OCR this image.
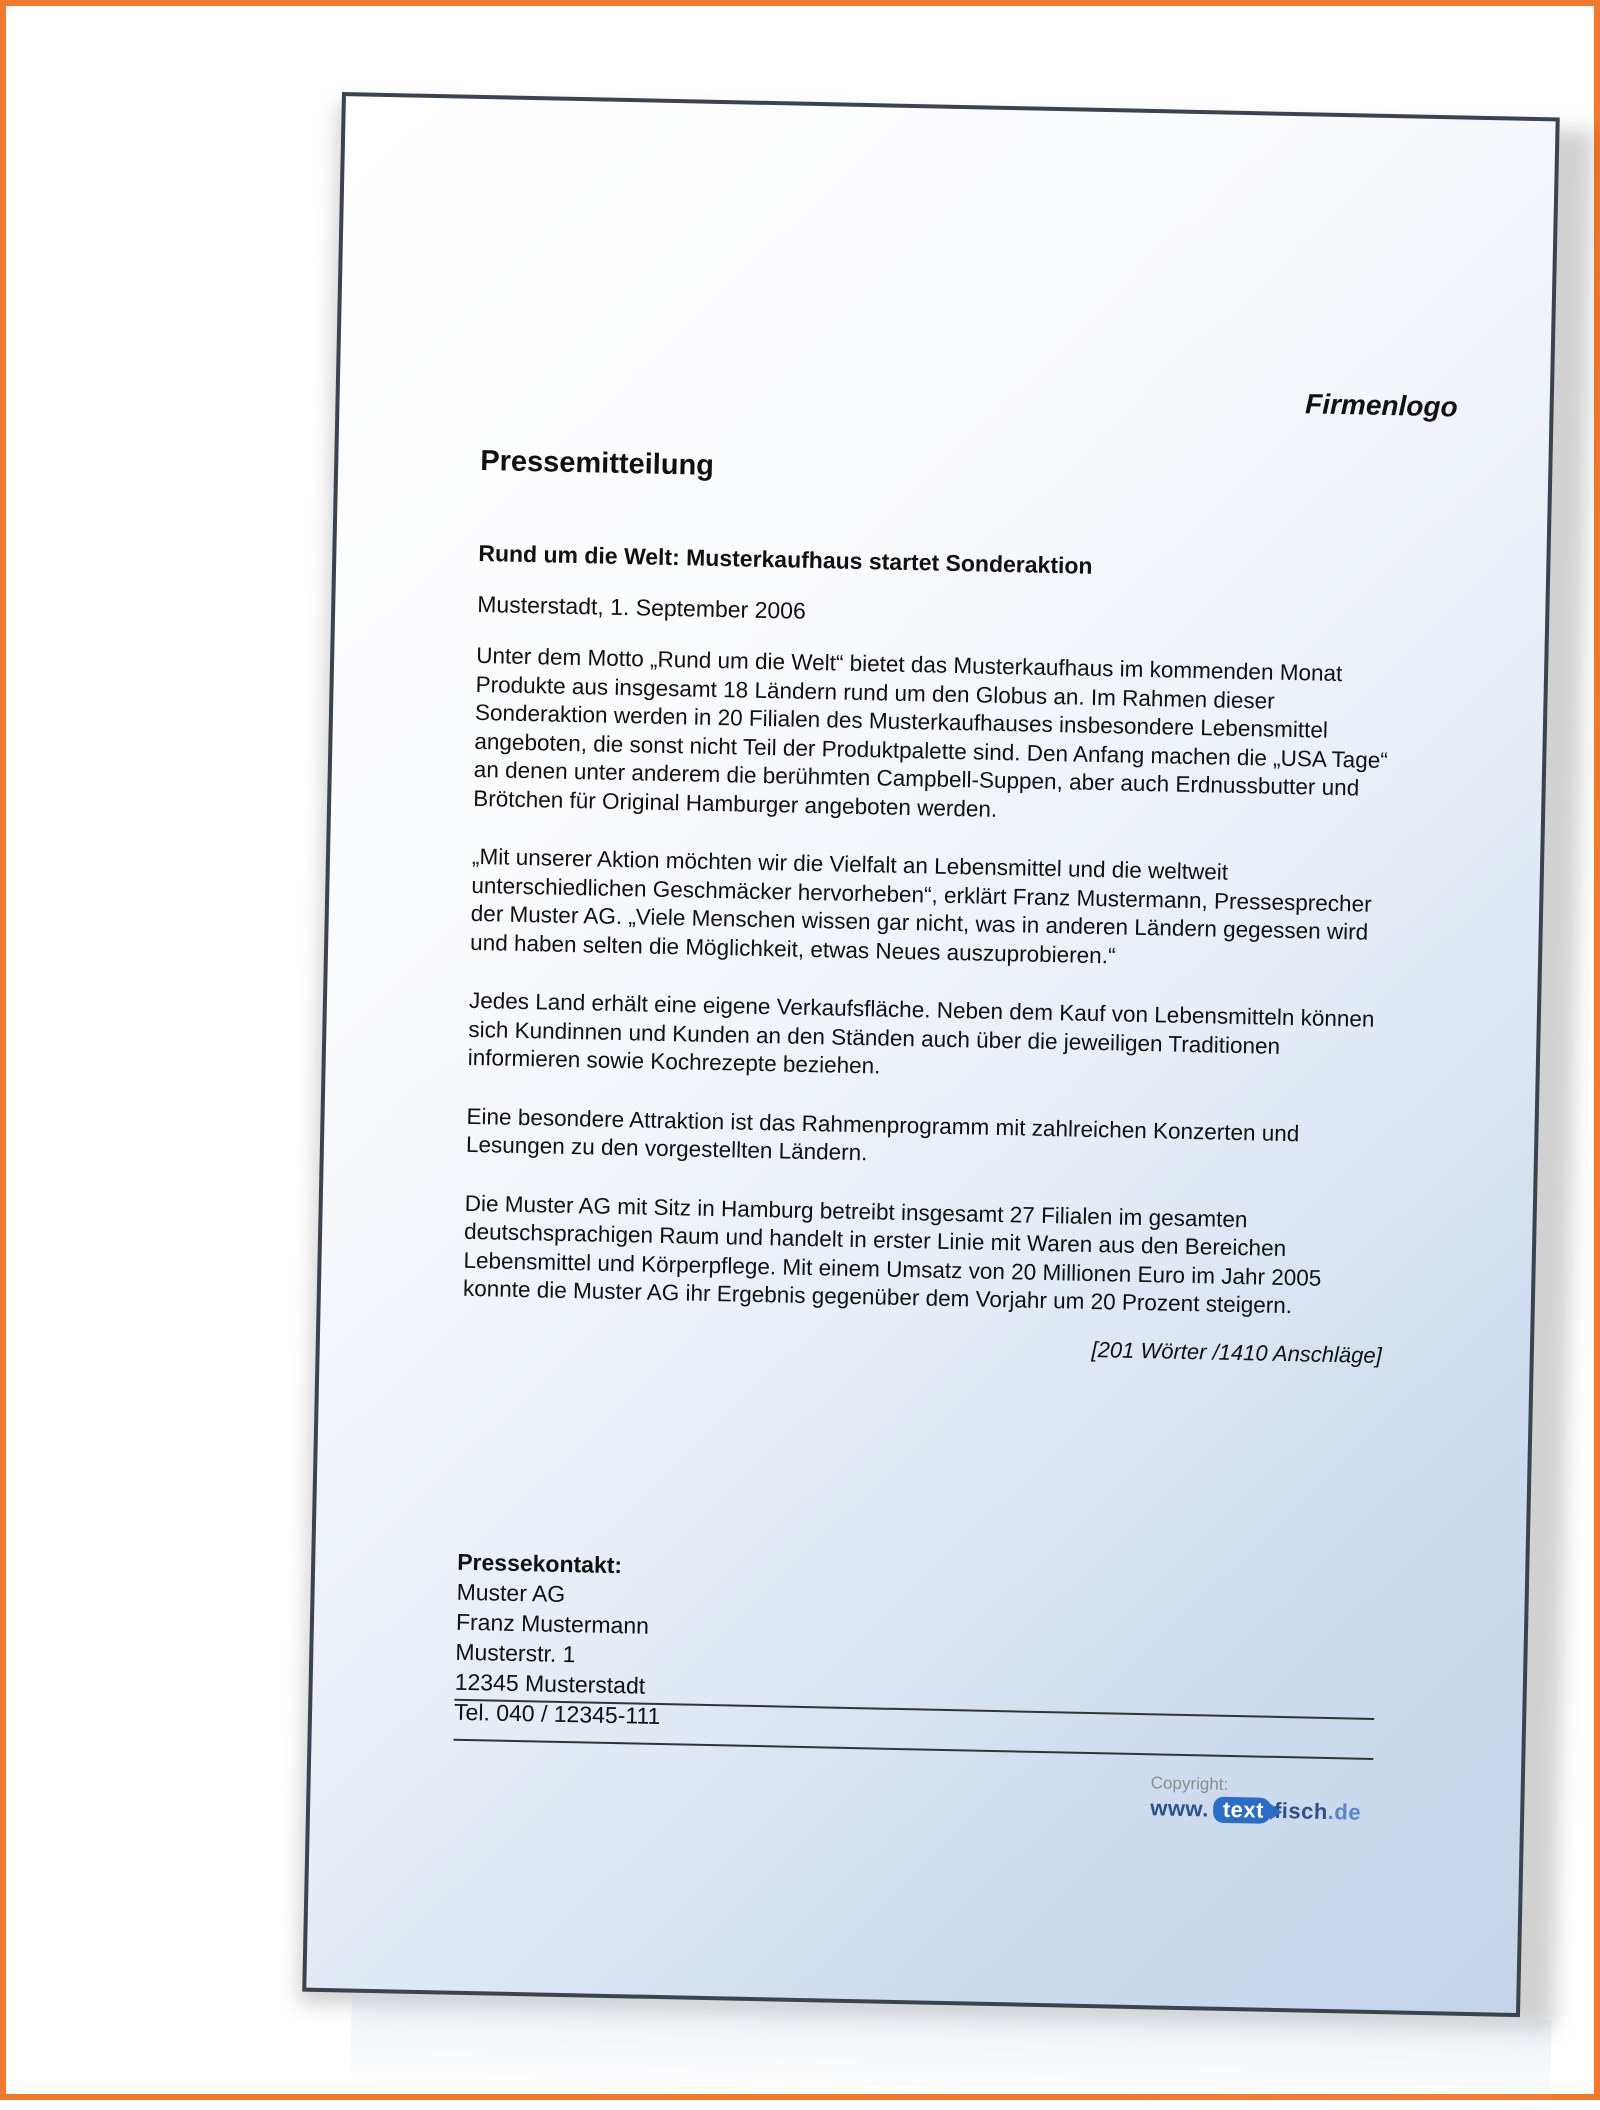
Firmenlogo
Pressemitteilung
Rund um die Welt: Musterkaufhaus startet Sonderaktion
Musterstadt, 1. September 2006

Unter dem Motto „Rund um die Welt“ bietet das Musterkaufhaus im kommenden Monat Produkte aus insgesamt 18 Ländern rund um den Globus an. Im Rahmen dieser Sonderaktion werden in 20 Filialen des Musterkaufhauses insbesondere Lebensmittel angeboten, die sonst nicht Teil der Produktpalette sind. Den Anfang machen die „USA Tage“ an denen unter anderem die berühmten Campbell-Suppen, aber auch Erdnussbutter und Brötchen für Original Hamburger angeboten werden.

„Mit unserer Aktion möchten wir die Vielfalt an Lebensmittel und die weltweit unterschiedlichen Geschmäcker hervorheben“, erklärt Franz Mustermann, Pressesprecher der Muster AG. „Viele Menschen wissen gar nicht, was in anderen Ländern gegessen wird und haben selten die Möglichkeit, etwas Neues auszuprobieren.“

Jedes Land erhält eine eigene Verkaufsfläche. Neben dem Kauf von Lebensmitteln können sich Kundinnen und Kunden an den Ständen auch über die jeweiligen Traditionen informieren sowie Kochrezepte beziehen.

Eine besondere Attraktion ist das Rahmenprogramm mit zahlreichen Konzerten und Lesungen zu den vorgestellten Ländern.

Die Muster AG mit Sitz in Hamburg betreibt insgesamt 27 Filialen im gesamten deutschsprachigen Raum und handelt in erster Linie mit Waren aus den Bereichen Lebensmittel und Körperpflege. Mit einem Umsatz von 20 Millionen Euro im Jahr 2005 konnte die Muster AG ihr Ergebnis gegenüber dem Vorjahr um 20 Prozent steigern.

[201 Wörter /1410 Anschläge]
Pressekontakt:
Muster AG
Franz Mustermann
Musterstr. 1
12345 Musterstadt
Tel. 040 / 12345-111
Copyright:
www. text fisch .de
